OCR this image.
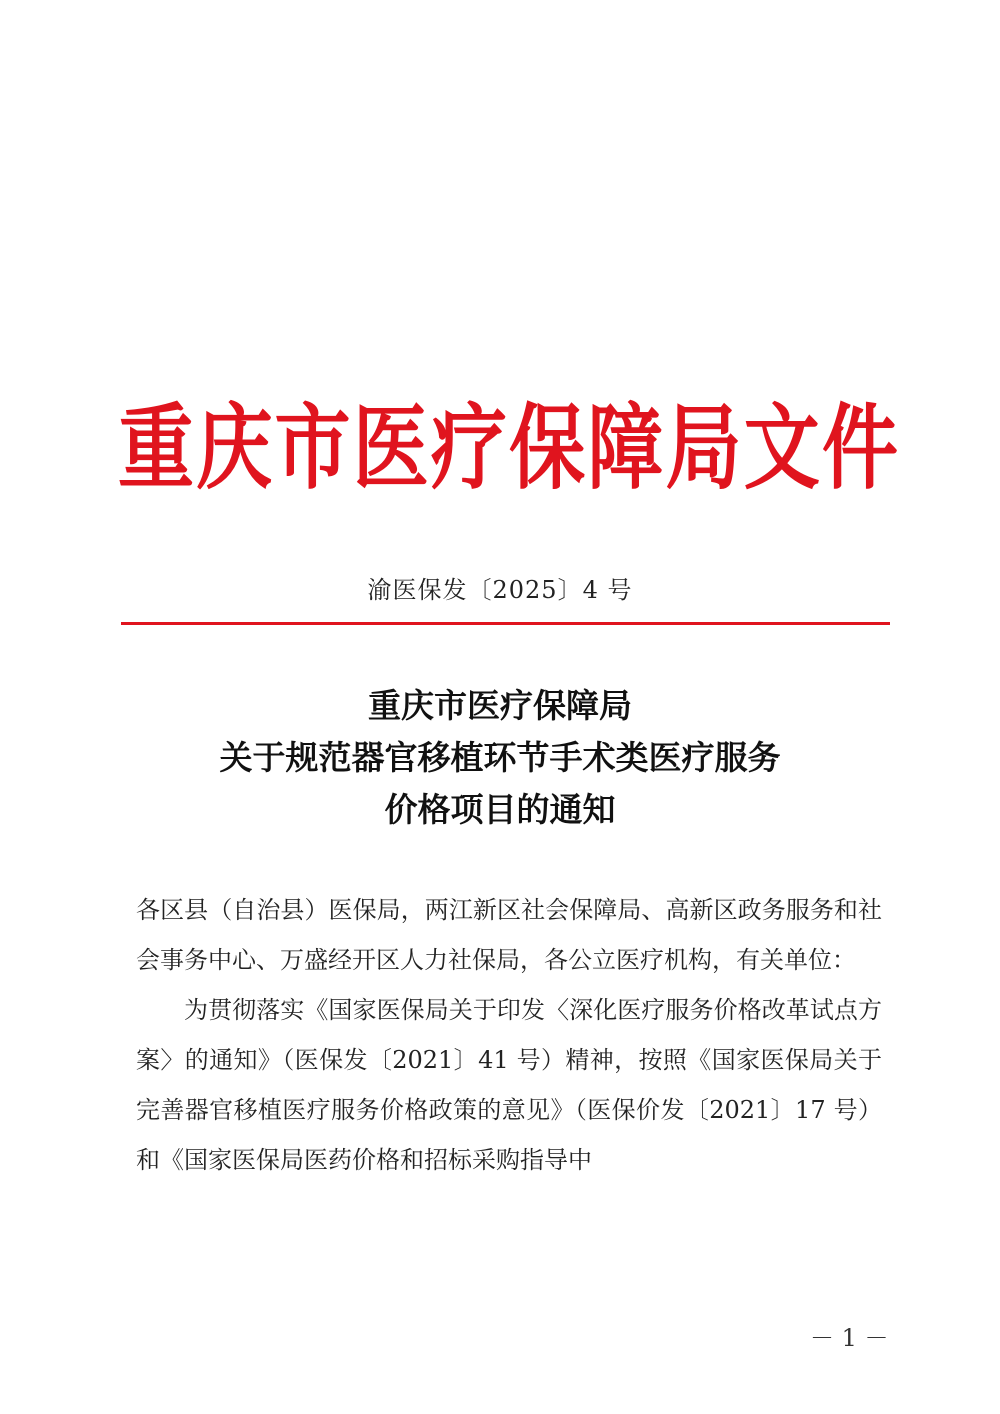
重 庆 市 医 疗 保 障 局 文 件
渝医保发〔2025〕4 号
重庆市医疗保障局
关于规范器官移植环节手术类医疗服务
价格项目的通知

各区县（自治县）医保局，两江新区社会保障局、高新区政务服务和社会事务中心、万盛经开区人力社保局，各公立医疗机构，有关单位：

为贯彻落实《国家医保局关于印发〈深化医疗服务价格改革试点方案〉的通知》（医保发〔2021〕41 号）精神，按照《国家医保局关于完善器官移植医疗服务价格政策的意见》（医保价发〔2021〕17 号）和《国家医保局医药价格和招标采购指导中

－ 1 －
